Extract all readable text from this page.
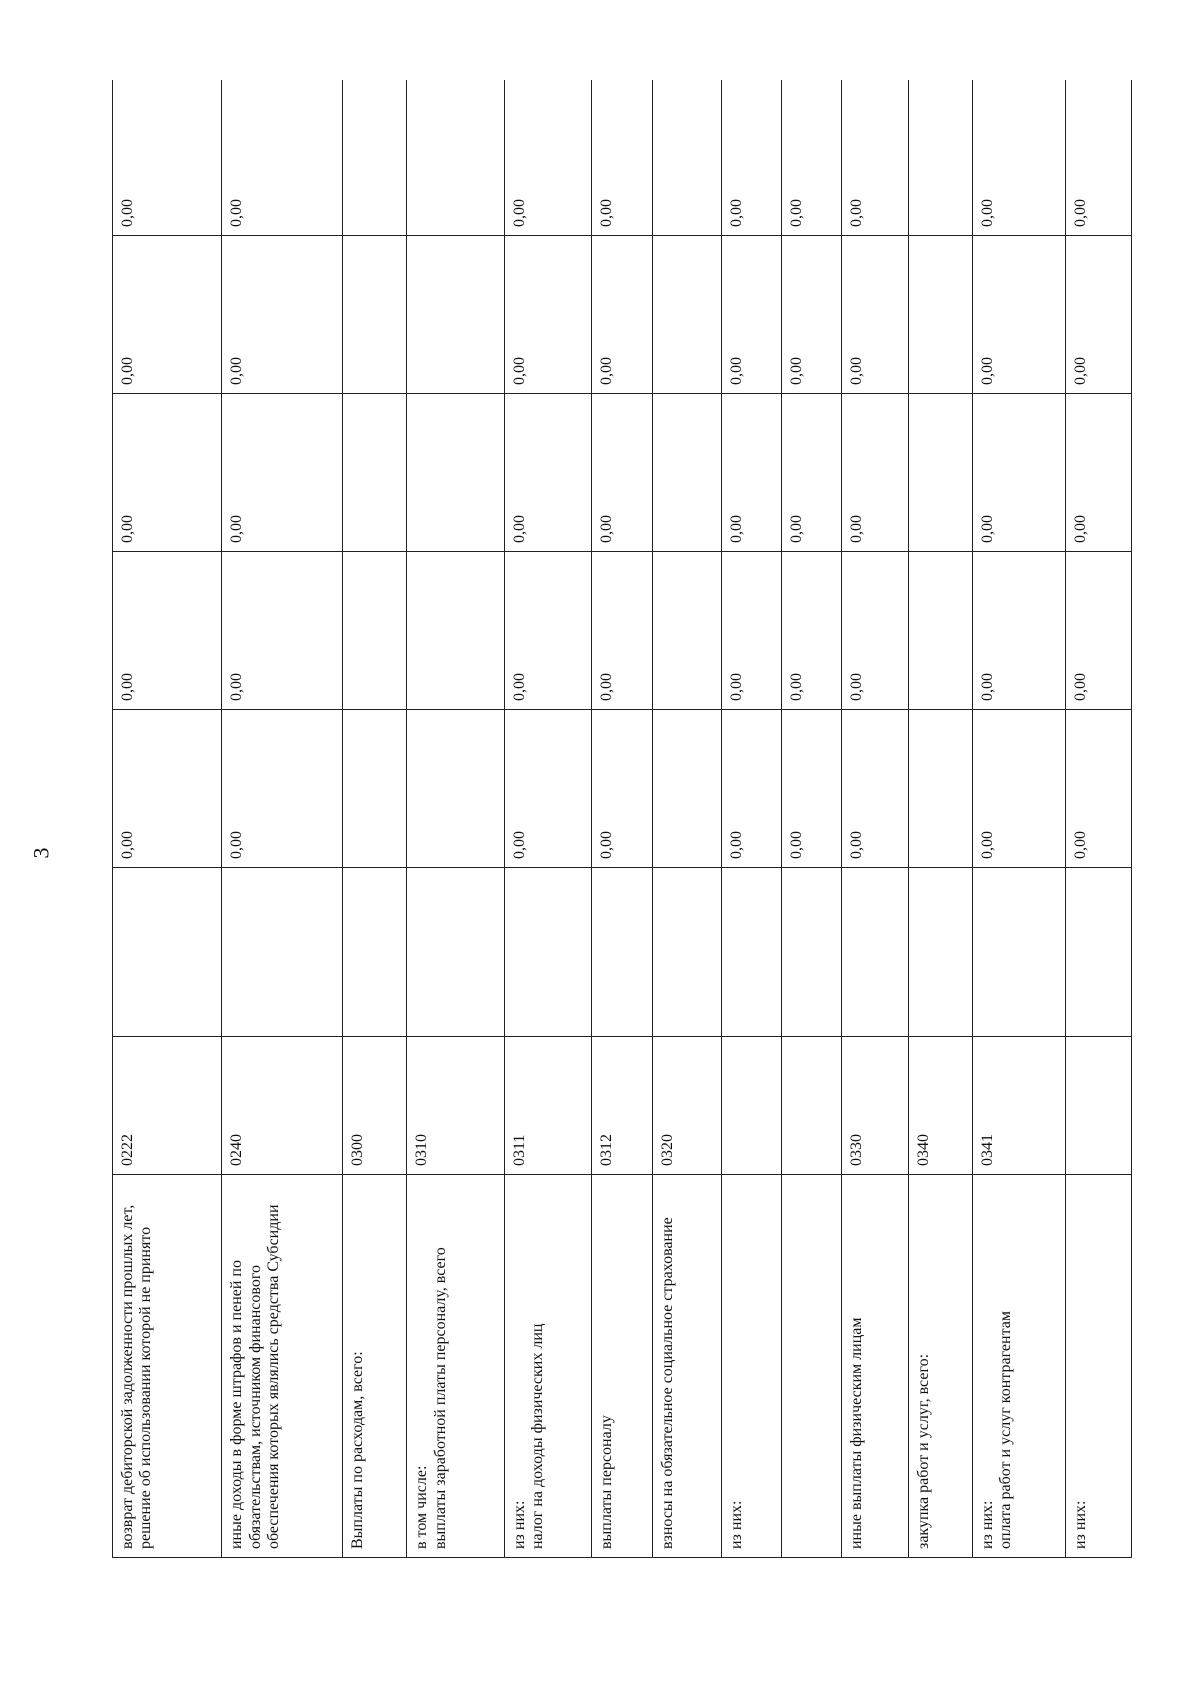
3
возврат дебиторской задолженности прошлых лет, решение об использовании которой не принято	0222		0,00	0,00	0,00	0,00	0,00
иные доходы в форме штрафов и пеней по обязательствам, источником финансового обеспечения которых являлись средства Субсидии	0240		0,00	0,00	0,00	0,00	0,00
Выплаты по расходам, всего:	0300						
в том числе:
выплаты заработной платы персоналу, всего	0310						
из них:
налог на доходы физических лиц	0311		0,00	0,00	0,00	0,00	0,00
выплаты персоналу	0312		0,00	0,00	0,00	0,00	0,00
взносы на обязательное социальное страхование	0320						
из них:			0,00	0,00	0,00	0,00	0,00
			0,00	0,00	0,00	0,00	0,00
иные выплаты физическим лицам	0330		0,00	0,00	0,00	0,00	0,00
закупка работ и услуг, всего:	0340						
из них:
оплата работ и услуг контрагентам	0341		0,00	0,00	0,00	0,00	0,00
из них:			0,00	0,00	0,00	0,00	0,00
